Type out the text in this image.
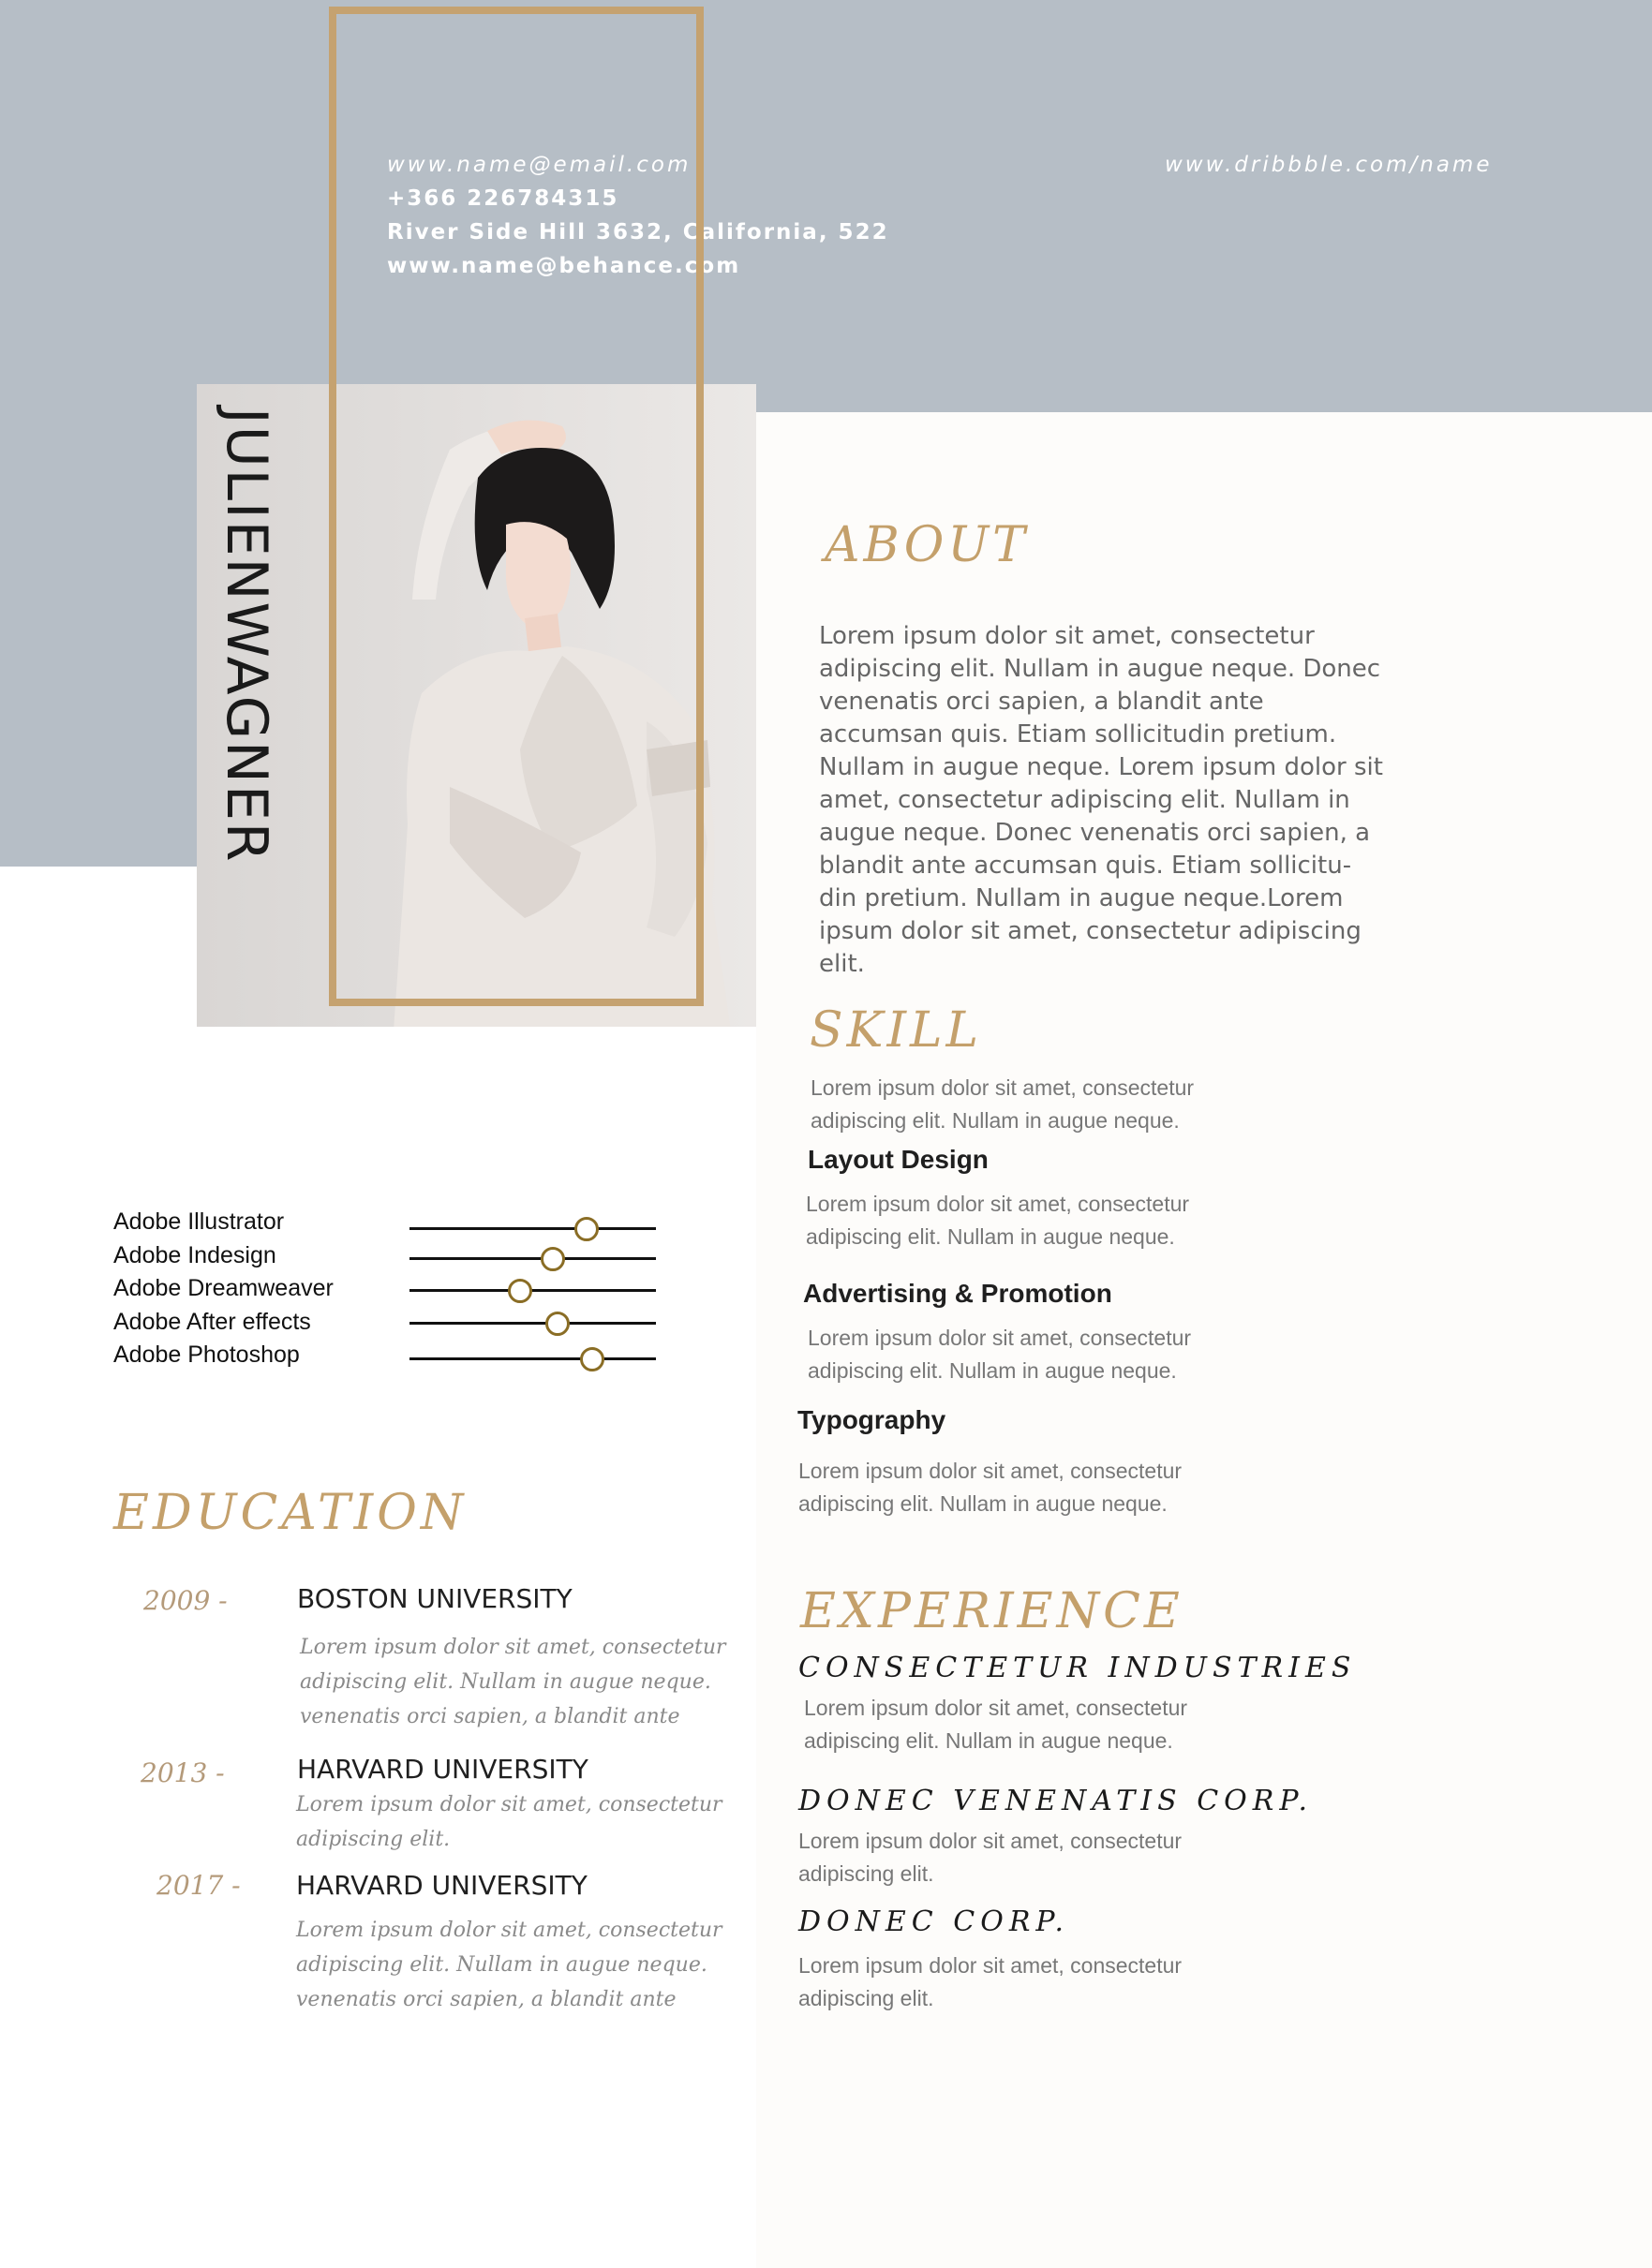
www.name@email.com
+366 226784315
River Side Hill 3632, California, 522
www.name@behance.com
www.dribbble.com/name
JULIENWAGNER	ABOUT
Lorem ipsum dolor sit amet, consectetur
adipiscing elit. Nullam in augue neque. Donec
venenatis orci sapien, a blandit ante
accumsan quis. Etiam sollicitudin pretium.
Nullam in augue neque. Lorem ipsum dolor sit
amet, consectetur adipiscing elit. Nullam in
augue neque. Donec venenatis orci sapien, a
blandit ante accumsan quis. Etiam sollicitu-
din pretium. Nullam in augue neque.Lorem
ipsum dolor sit amet, consectetur adipiscing
elit.
SKILL
Lorem ipsum dolor sit amet, consectetur
adipiscing elit. Nullam in augue neque.
Layout Design
Lorem ipsum dolor sit amet, consectetur
adipiscing elit. Nullam in augue neque.
Advertising & Promotion
Lorem ipsum dolor sit amet, consectetur
adipiscing elit. Nullam in augue neque.
Typography
Lorem ipsum dolor sit amet, consectetur
adipiscing elit. Nullam in augue neque.
Adobe Illustrator
Adobe Indesign
Adobe Dreamweaver
Adobe After effects
Adobe Photoshop
EDUCATION
2009 -	BOSTON UNIVERSITY
Lorem ipsum dolor sit amet, consectetur
adipiscing elit. Nullam in augue neque.
venenatis orci sapien, a blandit ante
2013 -	HARVARD UNIVERSITY
Lorem ipsum dolor sit amet, consectetur
adipiscing elit.
2017 - HARVARD UNIVERSITY
Lorem ipsum dolor sit amet, consectetur
adipiscing elit. Nullam in augue neque.
venenatis orci sapien, a blandit ante
EXPERIENCE
CONSECTETUR INDUSTRIES
Lorem ipsum dolor sit amet, consectetur
adipiscing elit. Nullam in augue neque.
DONEC VENENATIS CORP.
Lorem ipsum dolor sit amet, consectetur
adipiscing elit.
DONEC CORP.
Lorem ipsum dolor sit amet, consectetur
adipiscing elit.
